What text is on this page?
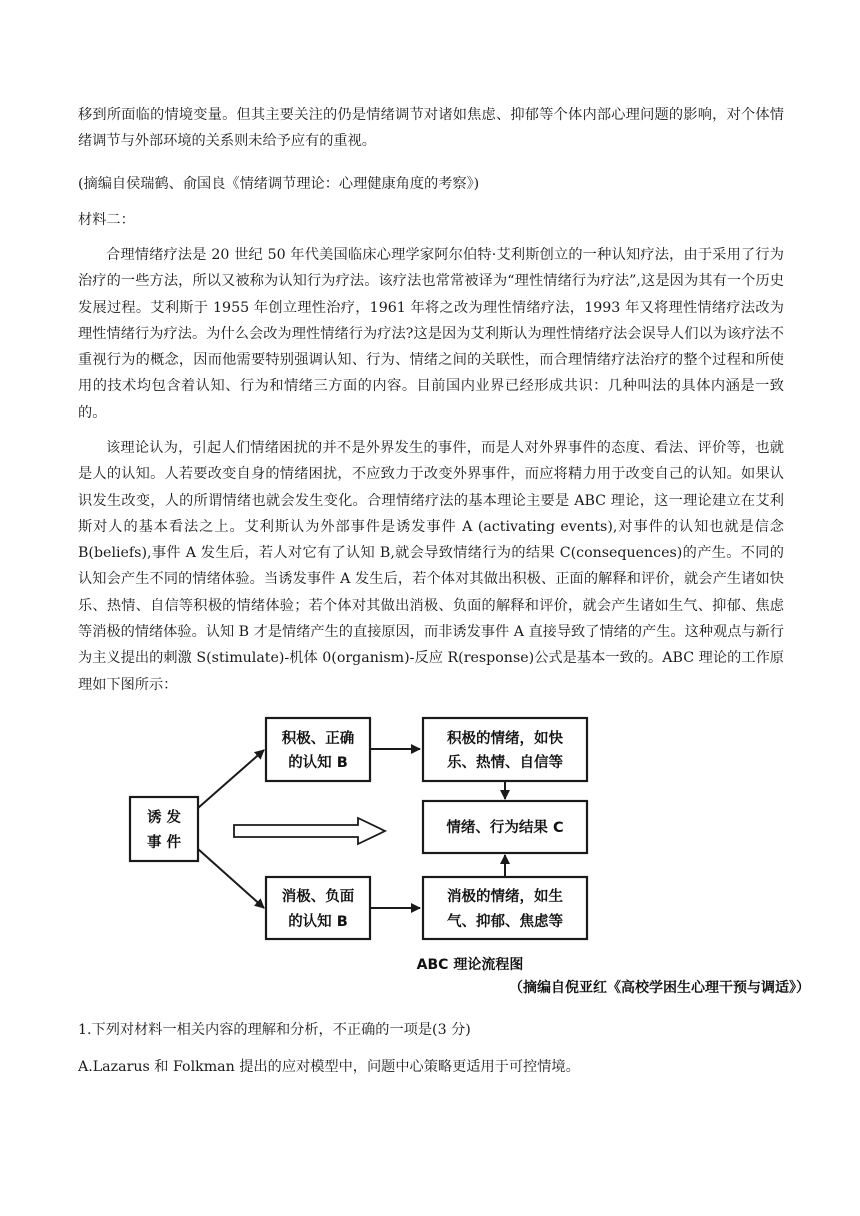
移到所面临的情境变量。但其主要关注的仍是情绪调节对诸如焦虑、抑郁等个体内部心理问题的影响，对个体情绪调节与外部环境的关系则未给予应有的重视。

(摘编自侯瑞鹤、俞国良《情绪调节理论：心理健康角度的考察》)

材料二：

合理情绪疗法是 20 世纪 50 年代美国临床心理学家阿尔伯特·艾利斯创立的一种认知疗法，由于采用了行为治疗的一些方法，所以又被称为认知行为疗法。该疗法也常常被译为“理性情绪行为疗法”,这是因为其有一个历史发展过程。艾利斯于 1955 年创立理性治疗，1961 年将之改为理性情绪疗法，1993 年又将理性情绪疗法改为理性情绪行为疗法。为什么会改为理性情绪行为疗法?这是因为艾利斯认为理性情绪疗法会误导人们以为该疗法不重视行为的概念，因而他需要特别强调认知、行为、情绪之间的关联性，而合理情绪疗法治疗的整个过程和所使用的技术均包含着认知、行为和情绪三方面的内容。目前国内业界已经形成共识：几种叫法的具体内涵是一致的。

该理论认为，引起人们情绪困扰的并不是外界发生的事件，而是人对外界事件的态度、看法、评价等，也就是人的认知。人若要改变自身的情绪困扰，不应致力于改变外界事件，而应将精力用于改变自己的认知。如果认识发生改变，人的所谓情绪也就会发生变化。合理情绪疗法的基本理论主要是 ABC 理论，这一理论建立在艾利斯对人的基本看法之上。艾利斯认为外部事件是诱发事件 A (activating events),对事件的认知也就是信念 B(beliefs),事件 A 发生后，若人对它有了认知 B,就会导致情绪行为的结果 C(consequences)的产生。不同的认知会产生不同的情绪体验。当诱发事件 A 发生后，若个体对其做出积极、正面的解释和评价，就会产生诸如快乐、热情、自信等积极的情绪体验；若个体对其做出消极、负面的解释和评价，就会产生诸如生气、抑郁、焦虑等消极的情绪体验。认知 B 才是情绪产生的直接原因，而非诱发事件 A 直接导致了情绪的产生。这种观点与新行为主义提出的刺激 S(stimulate)-机体 0(organism)-反应 R(response)公式是基本一致的。ABC 理论的工作原理如下图所示：

诱 发
事 件
积极、正确
的认知 B
积极的情绪，如快
乐、热情、自信等
情绪、行为结果 C
消极、负面
的认知 B
消极的情绪，如生
气、抑郁、焦虑等
ABC 理论流程图
（摘编自倪亚红《高校学困生心理干预与调适》）

1.下列对材料一相关内容的理解和分析，不正确的一项是(3 分)

A.Lazarus 和 Folkman 提出的应对模型中，问题中心策略更适用于可控情境。
